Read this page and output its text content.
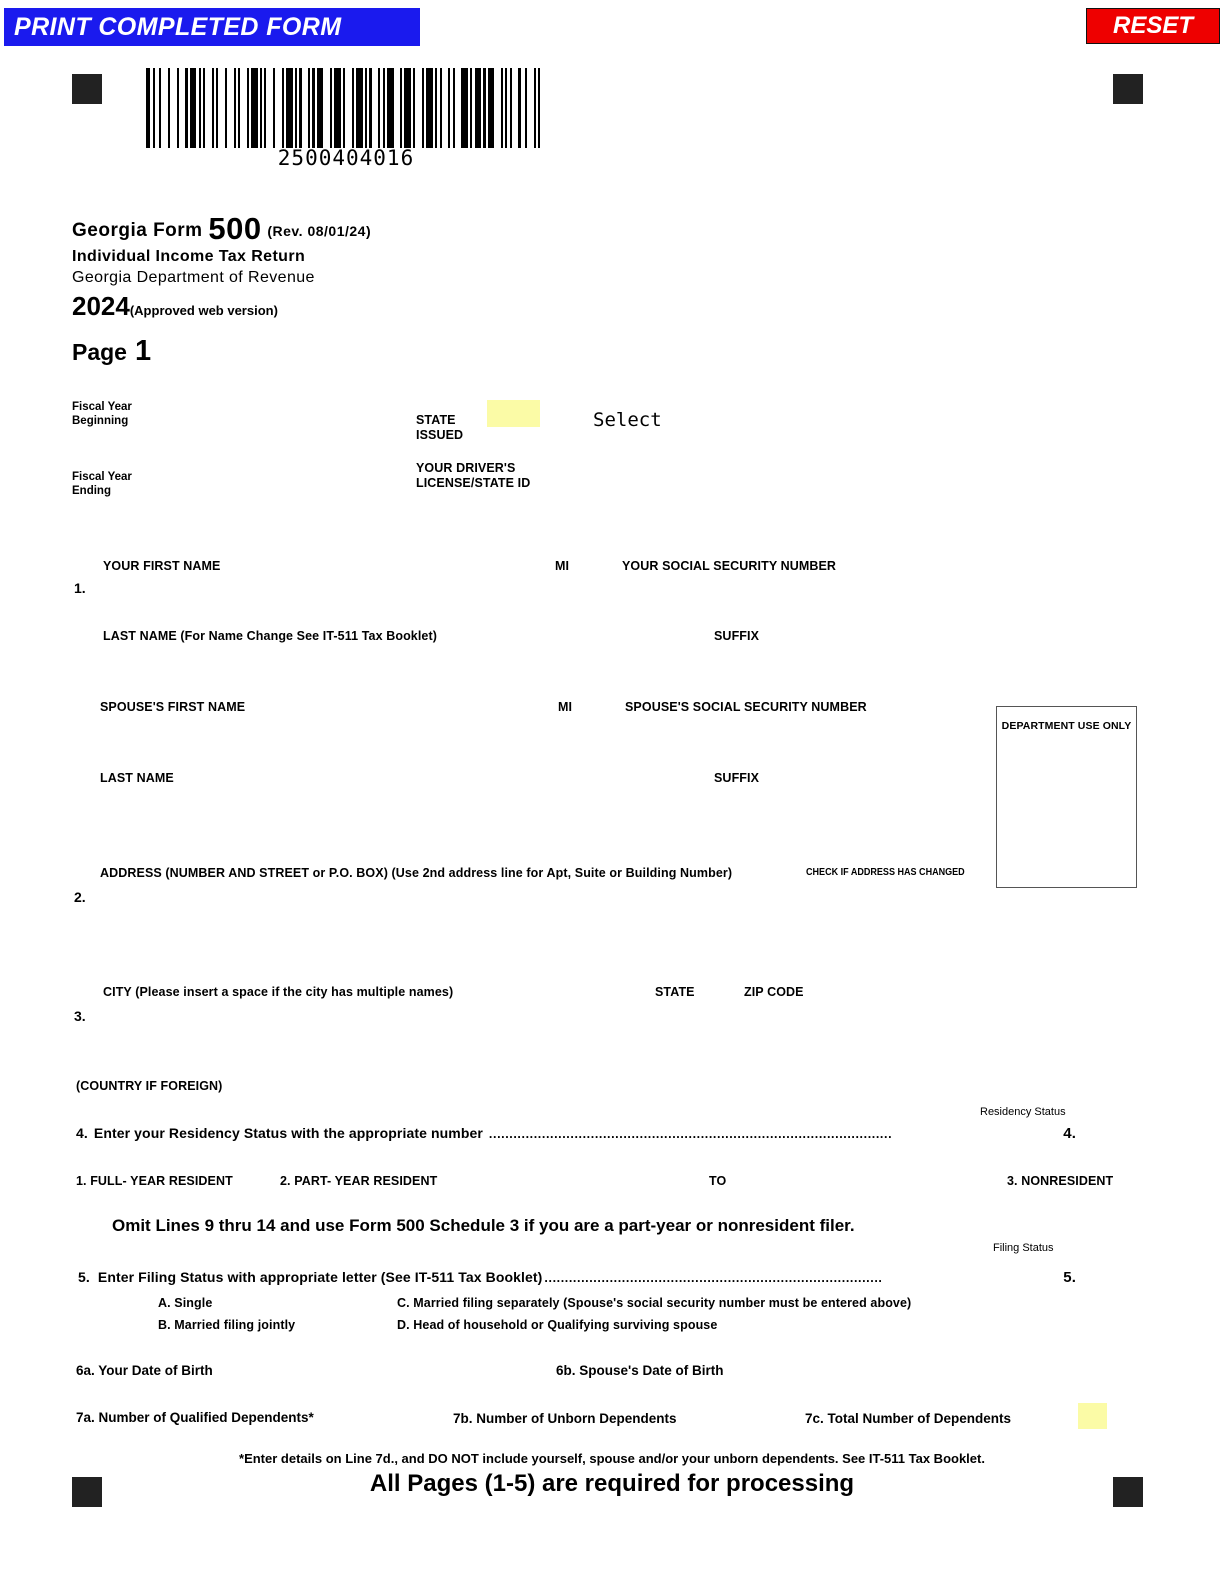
PRINT COMPLETED FORM	RESET
2500404016
Georgia Form 500 (Rev. 08/01/24)
Individual Income Tax Return
Georgia Department of Revenue
2024(Approved web version)
Page 1
Fiscal Year
Beginning
Fiscal Year
Ending
STATE
ISSUED
Select
YOUR DRIVER'S
LICENSE/STATE ID
1.
YOUR FIRST NAME	MI	YOUR SOCIAL SECURITY NUMBER
LAST NAME (For Name Change See IT-511 Tax Booklet)	SUFFIX
SPOUSE'S FIRST NAME	MI	SPOUSE'S SOCIAL SECURITY NUMBER
LAST NAME	SUFFIX
DEPARTMENT USE ONLY
2.
ADDRESS (NUMBER AND STREET or P.O. BOX) (Use 2nd address line for Apt, Suite or Building Number)	CHECK IF ADDRESS HAS CHANGED
3.
CITY (Please insert a space if the city has multiple names)	STATE	ZIP CODE
(COUNTRY IF FOREIGN)
Residency Status
4. Enter your Residency Status with the appropriate number ...................................................................................................	4.
1. FULL- YEAR RESIDENT	2. PART- YEAR RESIDENT	TO	3. NONRESIDENT
Omit Lines 9 thru 14 and use Form 500 Schedule 3 if you are a part-year or nonresident filer.
Filing Status
5. Enter Filing Status with appropriate letter (See IT-511 Tax Booklet) ...................................................................................	5.
A. Single
B. Married filing jointly
C. Married filing separately (Spouse's social security number must be entered above)
D. Head of household or Qualifying surviving spouse
6a. Your Date of Birth	6b. Spouse's Date of Birth
7a. Number of Qualified Dependents*	7b. Number of Unborn Dependents	7c. Total Number of Dependents
*Enter details on Line 7d., and DO NOT include yourself, spouse and/or your unborn dependents. See IT-511 Tax Booklet.
All Pages (1-5) are required for processing
